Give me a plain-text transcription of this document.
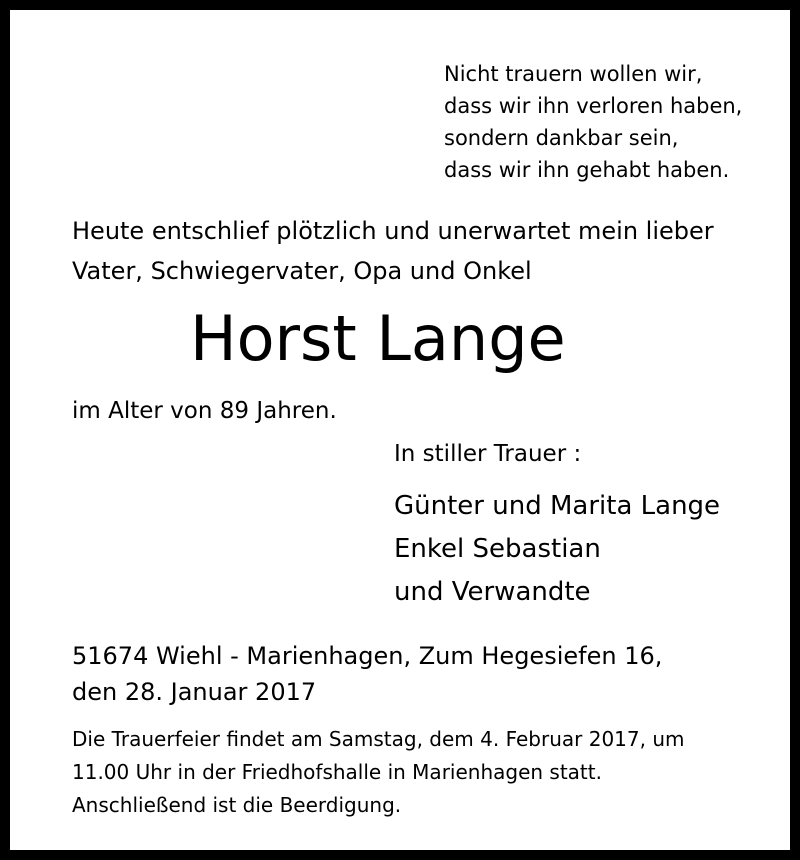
Nicht trauern wollen wir,

dass wir ihn verloren haben,

sondern dankbar sein,

dass wir ihn gehabt haben.

Heute entschlief plötzlich und unerwartet mein lieber

Vater, Schwiegervater, Opa und Onkel

Horst Lange

im Alter von 89 Jahren.

In stiller Trauer :

Günter und Marita Lange

Enkel Sebastian

und Verwandte

51674 Wiehl - Marienhagen, Zum Hegesiefen 16,

den 28. Januar 2017

Die Trauerfeier findet am Samstag, dem 4. Februar 2017, um

11.00 Uhr in der Friedhofshalle in Marienhagen statt.

Anschließend ist die Beerdigung.
